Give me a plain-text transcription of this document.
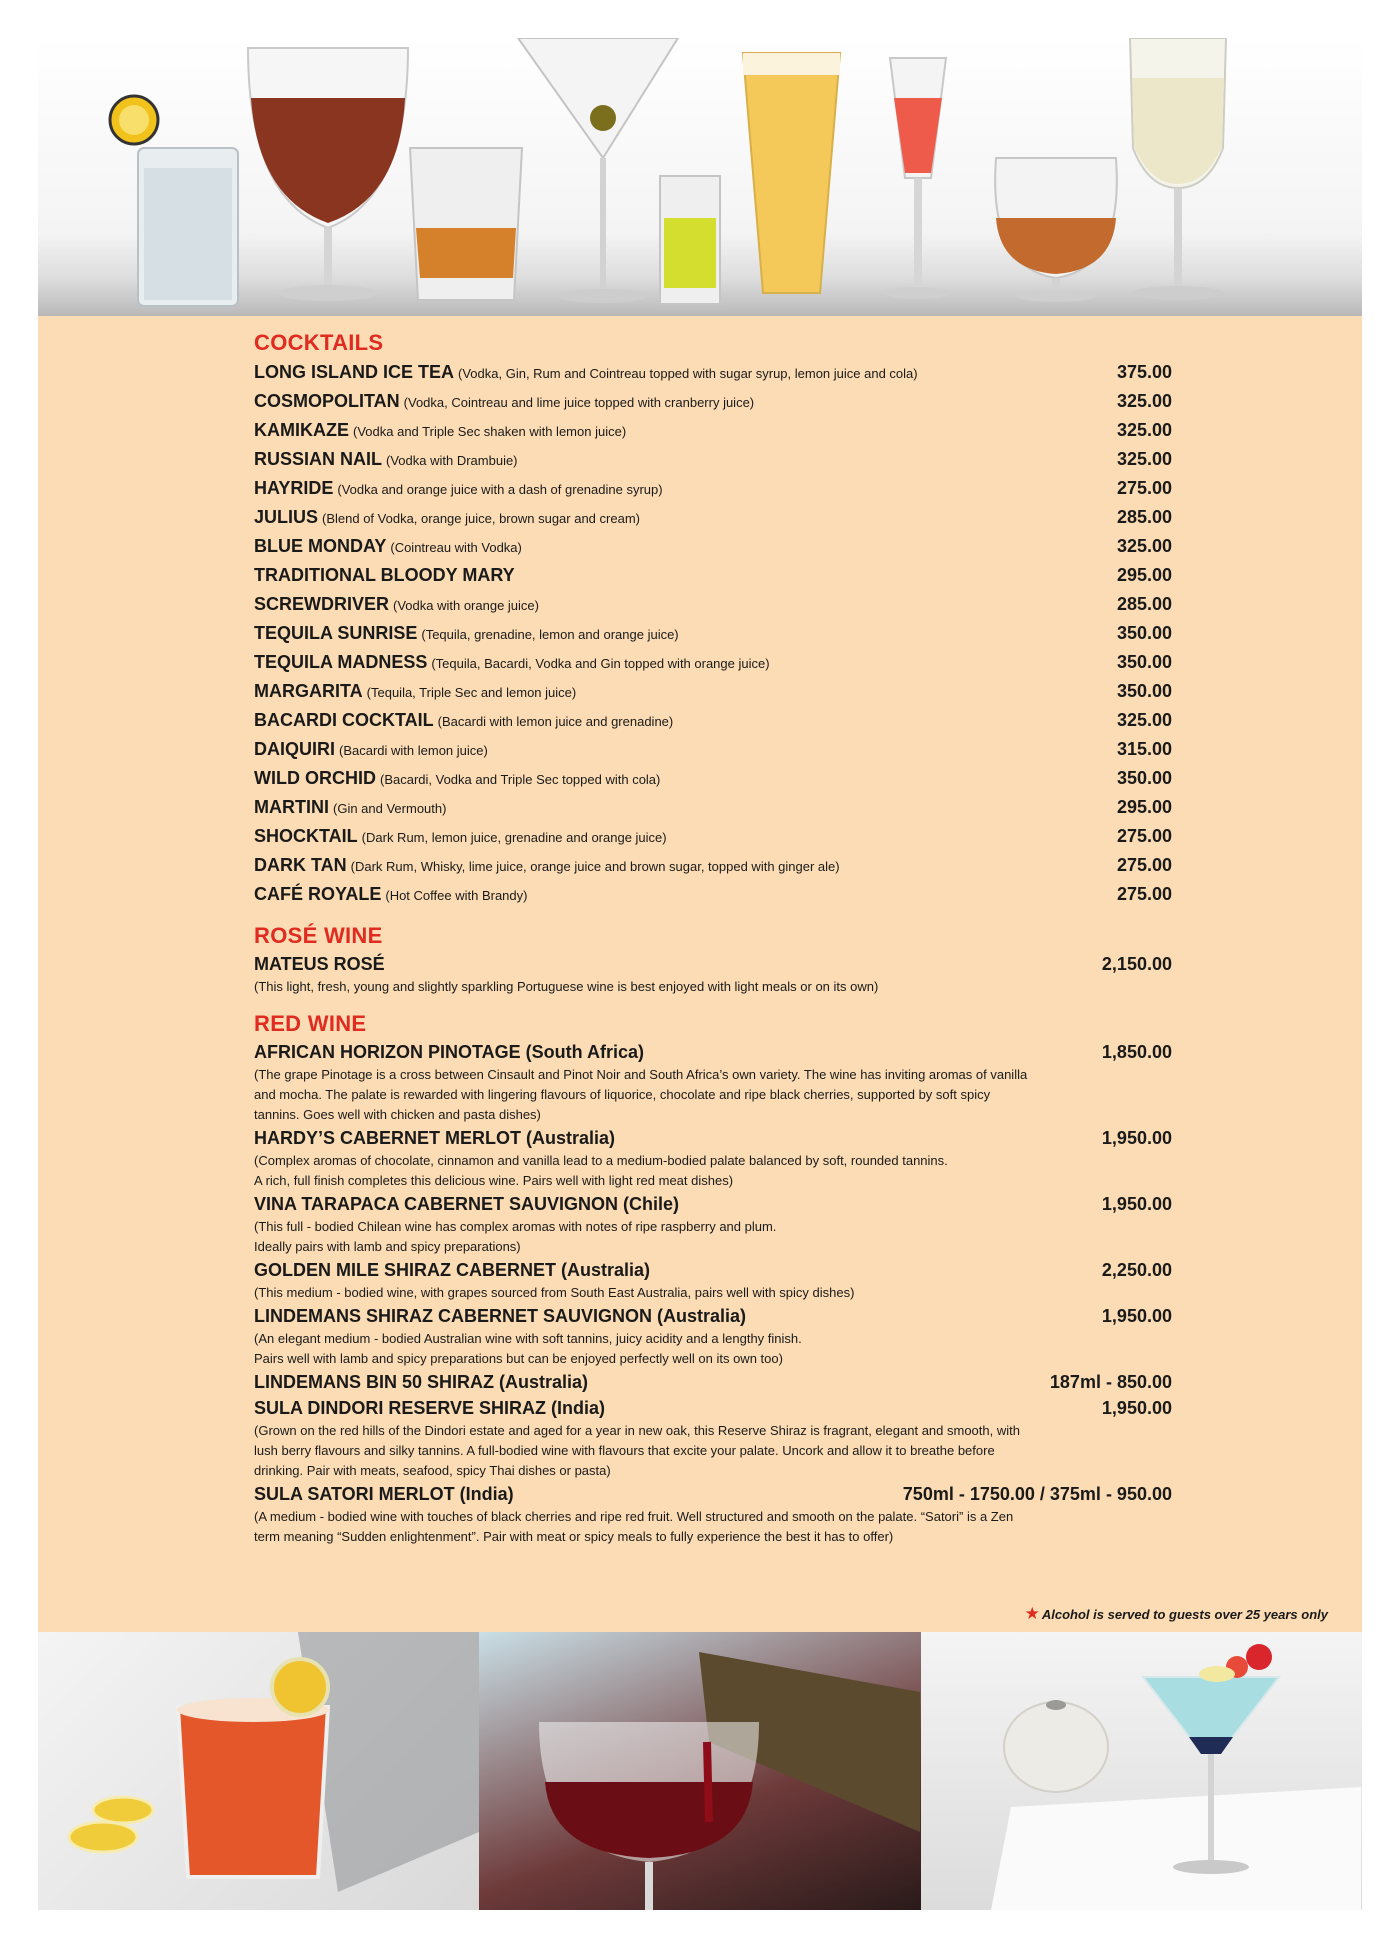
COCKTAILS
LONG ISLAND ICE TEA (Vodka, Gin, Rum and Cointreau topped with sugar syrup, lemon juice and cola)	375.00
COSMOPOLITAN (Vodka, Cointreau and lime juice topped with cranberry juice)	325.00
KAMIKAZE (Vodka and Triple Sec shaken with lemon juice)	325.00
RUSSIAN NAIL (Vodka with Drambuie)	325.00
HAYRIDE (Vodka and orange juice with a dash of grenadine syrup)	275.00
JULIUS (Blend of Vodka, orange juice, brown sugar and cream)	285.00
BLUE MONDAY (Cointreau with Vodka)	325.00
TRADITIONAL BLOODY MARY	295.00
SCREWDRIVER (Vodka with orange juice)	285.00
TEQUILA SUNRISE (Tequila, grenadine, lemon and orange juice)	350.00
TEQUILA MADNESS (Tequila, Bacardi, Vodka and Gin topped with orange juice)	350.00
MARGARITA (Tequila, Triple Sec and lemon juice)	350.00
BACARDI COCKTAIL (Bacardi with lemon juice and grenadine)	325.00
DAIQUIRI (Bacardi with lemon juice)	315.00
WILD ORCHID (Bacardi, Vodka and Triple Sec topped with cola)	350.00
MARTINI (Gin and Vermouth)	295.00
SHOCKTAIL (Dark Rum, lemon juice, grenadine and orange juice)	275.00
DARK TAN (Dark Rum, Whisky, lime juice, orange juice and brown sugar, topped with ginger ale)	275.00
CAFÉ ROYALE (Hot Coffee with Brandy)	275.00
ROSÉ WINE
MATEUS ROSÉ	2,150.00
(This light, fresh, young and slightly sparkling Portuguese wine is best enjoyed with light meals or on its own)
RED WINE
AFRICAN HORIZON PINOTAGE (South Africa)	1,850.00
(The grape Pinotage is a cross between Cinsault and Pinot Noir and South Africa’s own variety. The wine has inviting aromas of vanilla
and mocha. The palate is rewarded with lingering flavours of liquorice, chocolate and ripe black cherries, supported by soft spicy
tannins. Goes well with chicken and pasta dishes)
HARDY’S CABERNET MERLOT (Australia)	1,950.00
(Complex aromas of chocolate, cinnamon and vanilla lead to a medium-bodied palate balanced by soft, rounded tannins.
A rich, full finish completes this delicious wine. Pairs well with light red meat dishes)
VINA TARAPACA CABERNET SAUVIGNON (Chile)	1,950.00
(This full - bodied Chilean wine has complex aromas with notes of ripe raspberry and plum.
Ideally pairs with lamb and spicy preparations)
GOLDEN MILE SHIRAZ CABERNET (Australia)	2,250.00
(This medium - bodied wine, with grapes sourced from South East Australia, pairs well with spicy dishes)
LINDEMANS SHIRAZ CABERNET SAUVIGNON (Australia)	1,950.00
(An elegant medium - bodied Australian wine with soft tannins, juicy acidity and a lengthy finish.
Pairs well with lamb and spicy preparations but can be enjoyed perfectly well on its own too)
LINDEMANS BIN 50 SHIRAZ (Australia)	187ml - 850.00
SULA DINDORI RESERVE SHIRAZ (India)	1,950.00
(Grown on the red hills of the Dindori estate and aged for a year in new oak, this Reserve Shiraz is fragrant, elegant and smooth, with
lush berry flavours and silky tannins. A full-bodied wine with flavours that excite your palate. Uncork and allow it to breathe before
drinking. Pair with meats, seafood, spicy Thai dishes or pasta)
SULA SATORI MERLOT (India)	750ml - 1750.00 / 375ml - 950.00
(A medium - bodied wine with touches of black cherries and ripe red fruit. Well structured and smooth on the palate. “Satori” is a Zen
term meaning “Sudden enlightenment”. Pair with meat or spicy meals to fully experience the best it has to offer)
★ Alcohol is served to guests over 25 years only
